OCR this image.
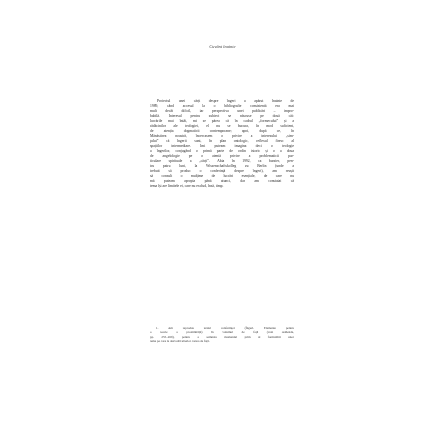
Cuvânt înainte
Proiectul unei cărți despre îngeri a apărut înainte de
1989, când accesul la o bibliografie consistentă era mai
mult decât dificil, iar perspectiva unei publicări – impro-
babilă. Interesul pentru subiect se născuse pe două căi:
lucrările mai întâi, mi se părea că în cadrul „formecului” și a
rădăcinilor ale teologiei, el nu se bucura, în mod suficient,
de atenția dogmaticii contemporane; apoi, după ce, în
Mănăstirea noastră, încercasem o privire a interesului „sim-
ţului” că îngerii sunt, în plan ontologic, reflexul firesc al
spațiilor intermediare. Îmi puteam imagina deci o teologie
a îngerilor, conjugând o primă parte de ordin istoric și o a doua
de angelologie pe o atentă privire a problematicii par-
ticulare spirituale a „cărți”. Abia în 1992, ca bursier, pen-
tru patru luni, la Wissenschaftskolleg zu Berlin (unde a
trebuit să produc o conferință despre îngeri), am reușit
să consult o mulțime de lucrări esențiale, de care nu
mă puteam apropia până atunci, dar am constatat că
tema își are limitele ei, care nu exclud, însă, timp.
1. Am reprodus textul conferinței (Îngeri. Elemente pentru
o teorie a proximității) în volumul de față (vezi Addenda,
pp. 255–269), pentru a semnala momentul prim al formulării unor
teme pe care le dezvoltă ulterior cartea de față.
